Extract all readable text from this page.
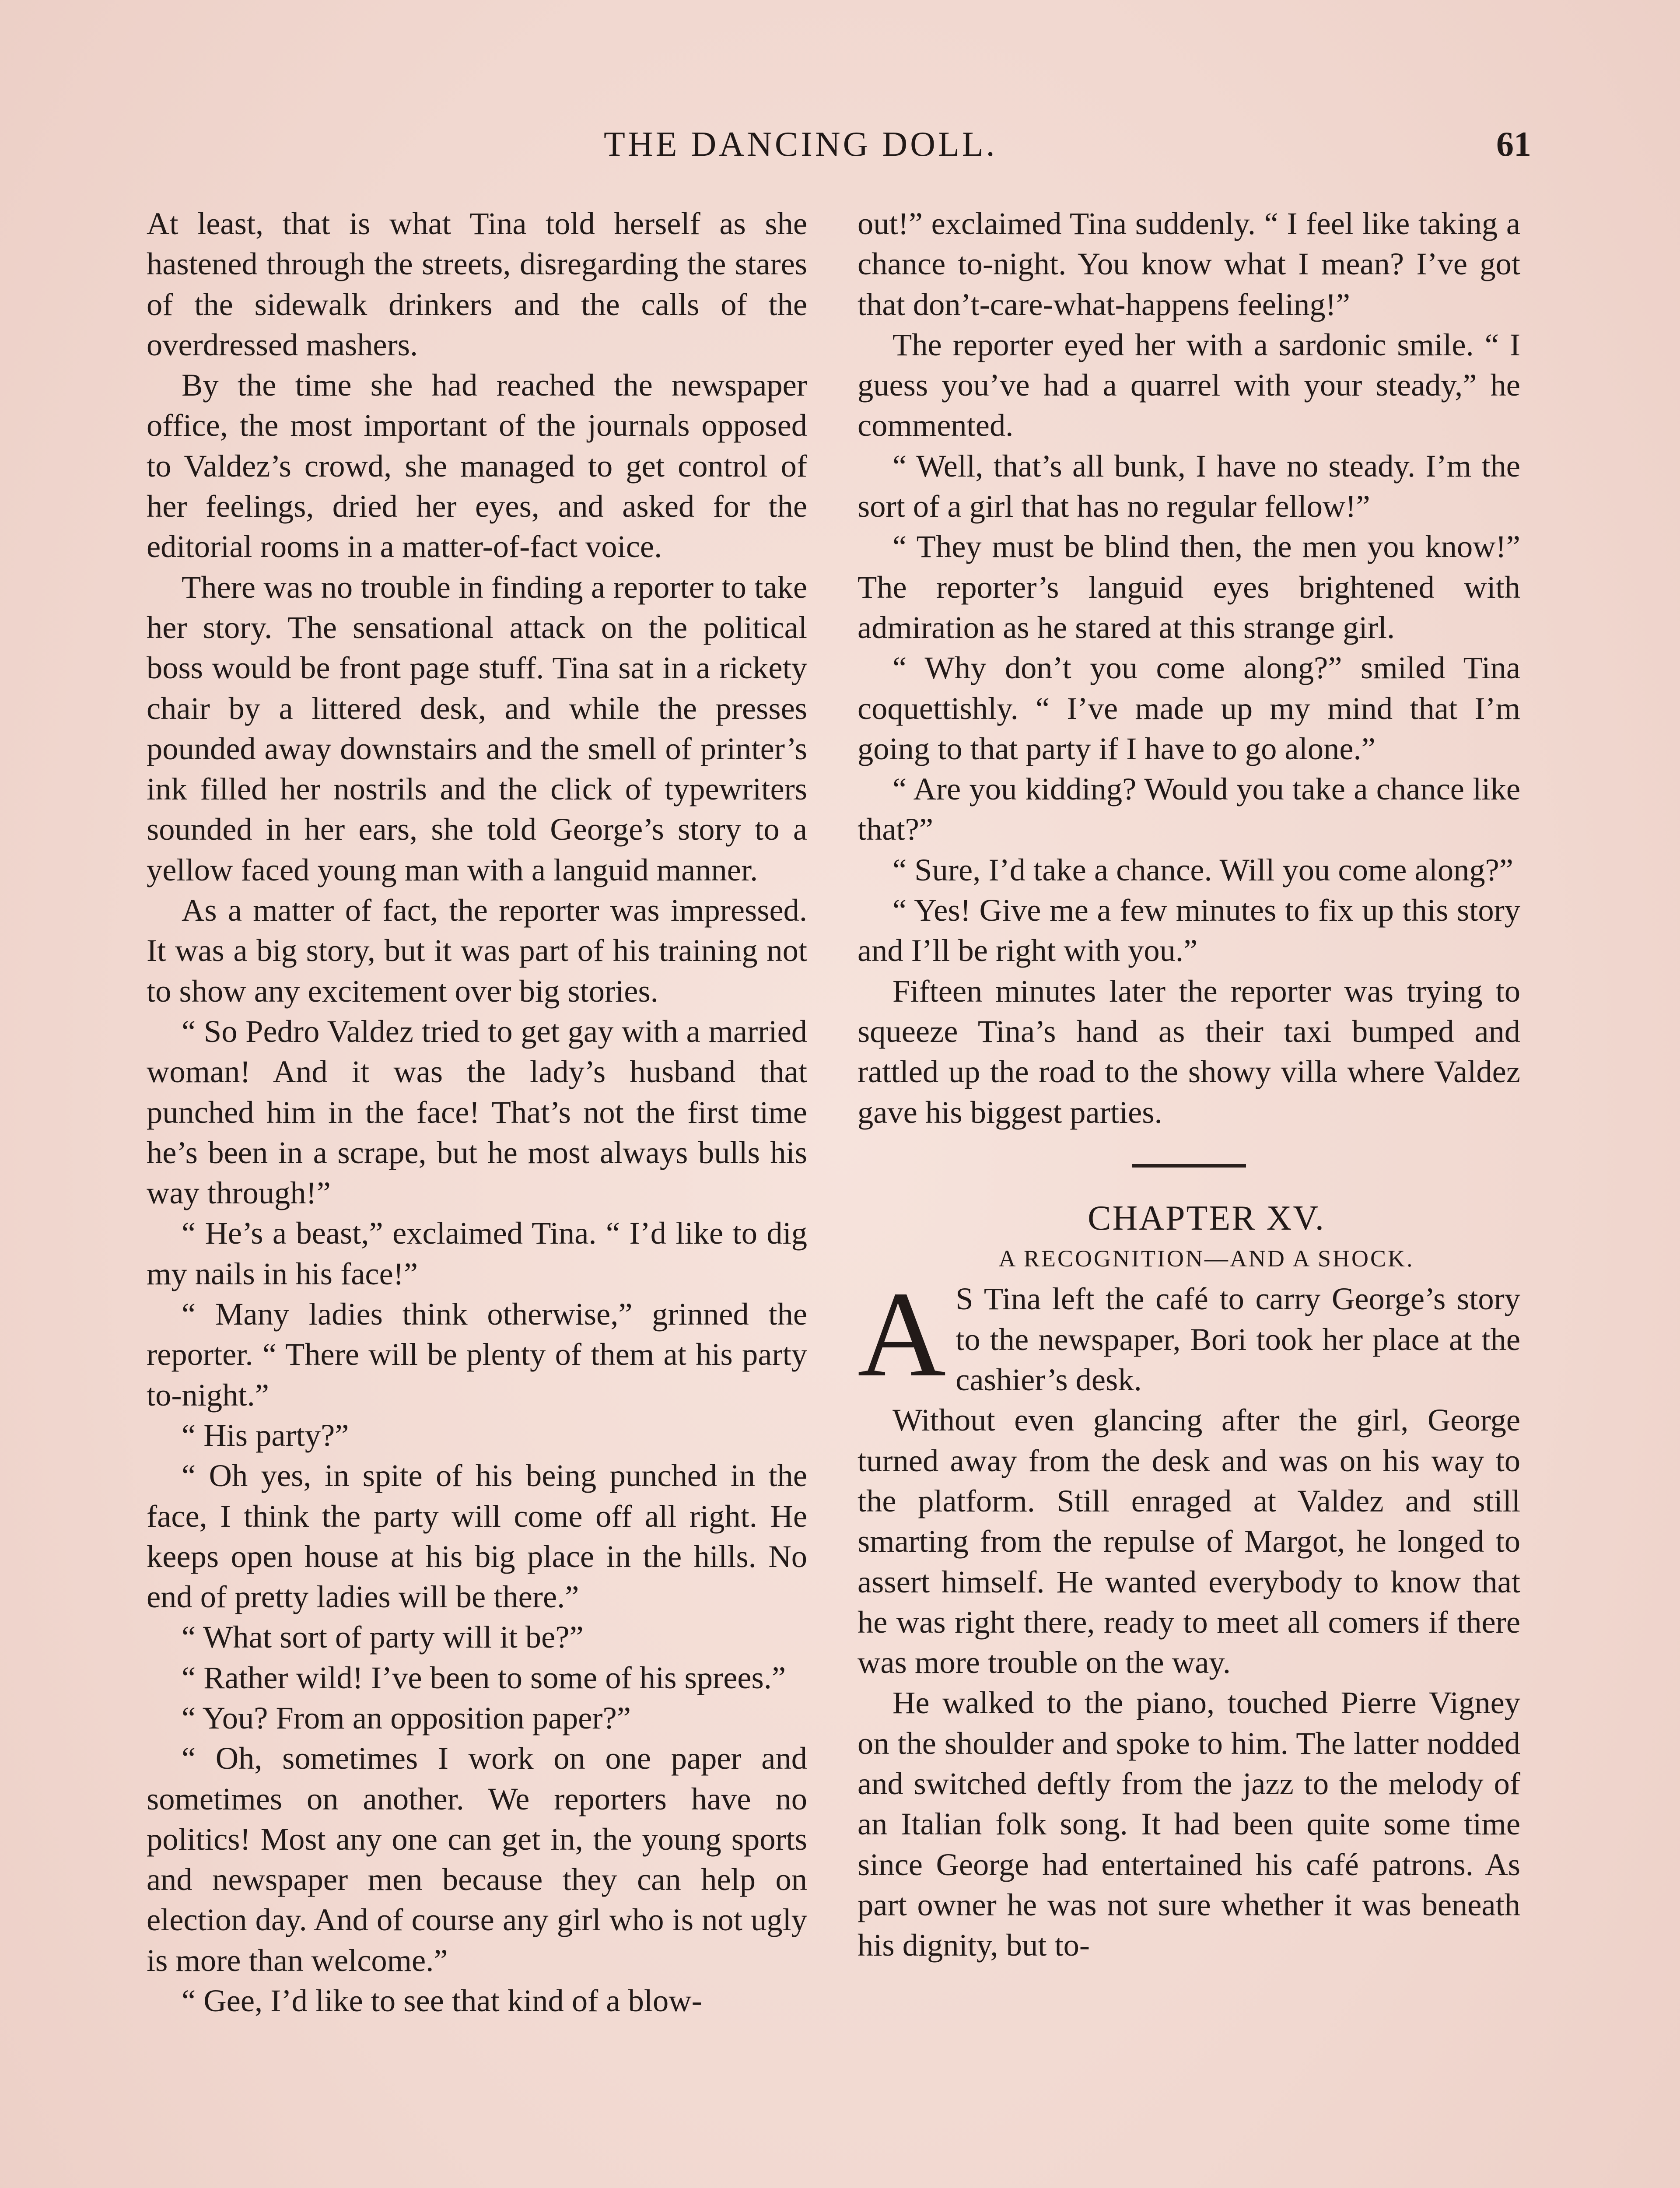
THE DANCING DOLL.	61

At least, that is what Tina told herself as she hastened through the streets, disregarding the stares of the sidewalk drinkers and the calls of the overdressed mashers.

By the time she had reached the newspaper office, the most important of the journals opposed to Valdez’s crowd, she managed to get control of her feelings, dried her eyes, and asked for the editorial rooms in a matter-of-fact voice.

There was no trouble in finding a reporter to take her story. The sensational attack on the political boss would be front page stuff. Tina sat in a rickety chair by a littered desk, and while the presses pounded away downstairs and the smell of printer’s ink filled her nostrils and the click of typewriters sounded in her ears, she told George’s story to a yellow faced young man with a languid manner.

As a matter of fact, the reporter was impressed. It was a big story, but it was part of his training not to show any excitement over big stories.

“ So Pedro Valdez tried to get gay with a married woman! And it was the lady’s husband that punched him in the face! That’s not the first time he’s been in a scrape, but he most always bulls his way through!”

“ He’s a beast,” exclaimed Tina. “ I’d like to dig my nails in his face!”

“ Many ladies think otherwise,” grinned the reporter. “ There will be plenty of them at his party to-night.”

“ His party?”

“ Oh yes, in spite of his being punched in the face, I think the party will come off all right. He keeps open house at his big place in the hills. No end of pretty ladies will be there.”

“ What sort of party will it be?”

“ Rather wild! I’ve been to some of his sprees.”

“ You? From an opposition paper?”

“ Oh, sometimes I work on one paper and sometimes on another. We reporters have no politics! Most any one can get in, the young sports and newspaper men because they can help on election day. And of course any girl who is not ugly is more than welcome.”

“ Gee, I’d like to see that kind of a blow-

out!” exclaimed Tina suddenly. “ I feel like taking a chance to-night. You know what I mean? I’ve got that don’t-care-what-happens feeling!”

The reporter eyed her with a sardonic smile. “ I guess you’ve had a quarrel with your steady,” he commented.

“ Well, that’s all bunk, I have no steady. I’m the sort of a girl that has no regular fellow!”

“ They must be blind then, the men you know!” The reporter’s languid eyes brightened with admiration as he stared at this strange girl.

“ Why don’t you come along?” smiled Tina coquettishly. “ I’ve made up my mind that I’m going to that party if I have to go alone.”

“ Are you kidding? Would you take a chance like that?”

“ Sure, I’d take a chance. Will you come along?”

“ Yes! Give me a few minutes to fix up this story and I’ll be right with you.”

Fifteen minutes later the reporter was trying to squeeze Tina’s hand as their taxi bumped and rattled up the road to the showy villa where Valdez gave his biggest parties.

CHAPTER XV.

A RECOGNITION—AND A SHOCK.

A S Tina left the café to carry George’s story to the newspaper, Bori took her place at the cashier’s desk.

Without even glancing after the girl, George turned away from the desk and was on his way to the platform. Still enraged at Valdez and still smarting from the repulse of Margot, he longed to assert himself. He wanted everybody to know that he was right there, ready to meet all comers if there was more trouble on the way.

He walked to the piano, touched Pierre Vigney on the shoulder and spoke to him. The latter nodded and switched deftly from the jazz to the melody of an Italian folk song. It had been quite some time since George had entertained his café patrons. As part owner he was not sure whether it was beneath his dignity, but to-
